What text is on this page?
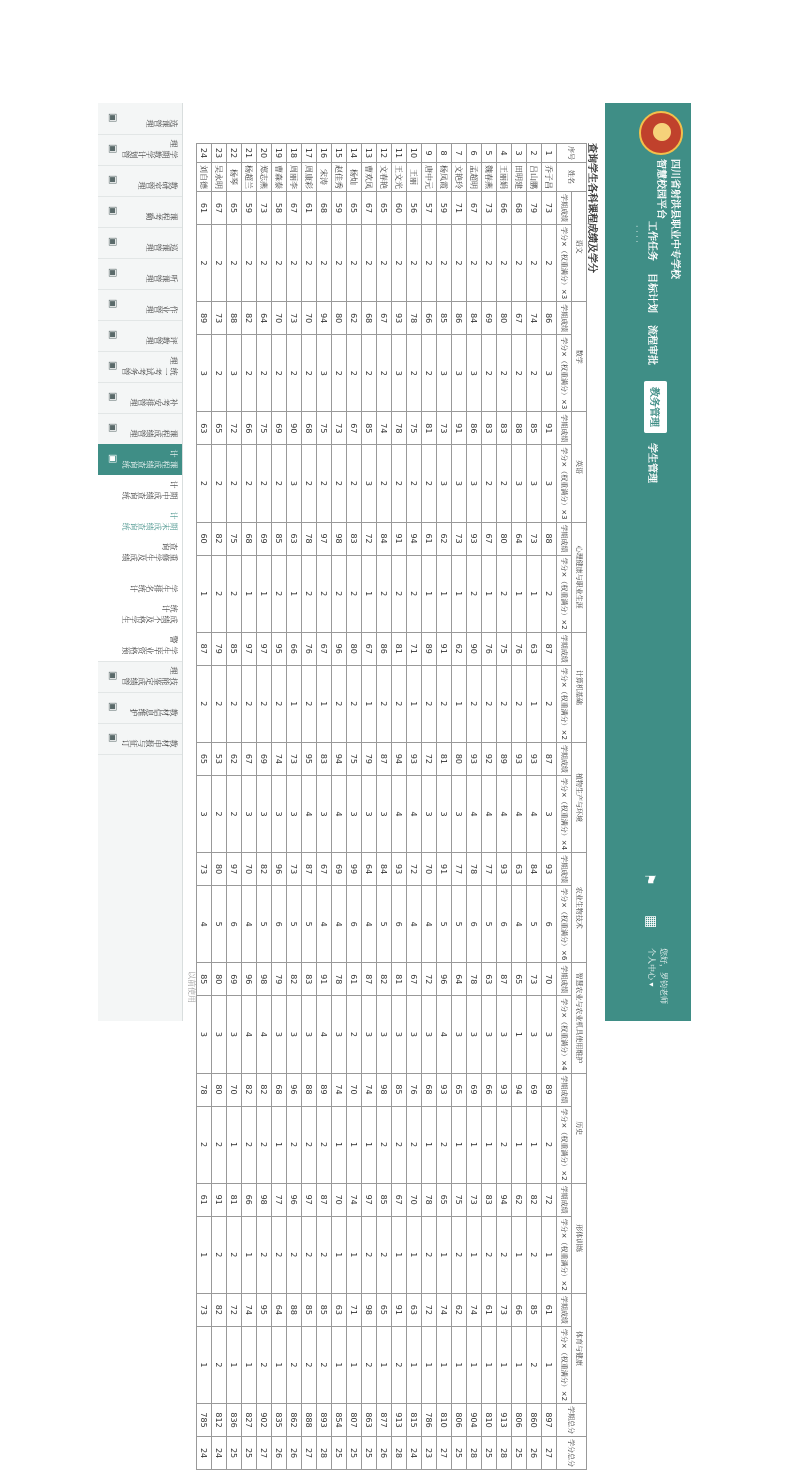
四川省射洪县职业中专学校
智慧校园平台
工作任务
目标计划
流程审批
教务管理
学生管理
· · · ·
⚑
▦
您好，罗钧老师
个人中心 ▾
查询学生各科课程成绩及学分
序号	姓名	语文		数学		英语		心理健康与职业生涯		计算机基础		植物生产与环境		农业生物技术		智慧农业与农业机具使用维护		历史		形体训练		体育与健康		学期总分	学分总分
		学期成绩	学分×（权重满分）×3	学期成绩	学分×（权重满分）×3	学期成绩	学分×（权重满分）×3	学期成绩	学分×（权重满分）×2	学期成绩	学分×（权重满分）×2	学期成绩	学分×（权重满分）×4	学期成绩	学分×（权重满分）×6	学期成绩	学分×（权重满分）×4	学期成绩	学分×（权重满分）×2	学期成绩	学分×（权重满分）×2	学期成绩	学分×（权重满分）×2		
1	乔子昌	73	2	86	3	91	3	88	2	87	2	87	3	93	6	70	3	89	2	72	1	61	1	897	27
2	吕山鹏	79	2	74	2	85	3	73	1	63	1	93	4	84	5	73	3	69	1	82	2	85	2	860	26
3	田明建	68	2	67	2	88	3	64	1	76	2	93	4	63	4	65	1	94	1	62	1	66	1	806	25
4	王丽娟	66	2	80	2	83	2	80	2	75	2	89	4	93	6	87	3	93	2	94	2	73	1	913	28
5	魏春燕	73	2	69	2	83	2	67	1	76	2	92	4	77	5	63	3	66	1	83	2	61	1	810	25
6	孟超明	67	2	84	3	86	3	93	2	90	2	93	4	78	6	78	3	69	1	73	1	74	1	904	28
7	文艳玲	71	2	86	3	91	3	73	1	62	1	80	3	77	5	64	3	65	1	75	2	62	1	806	25
8	杨凤霞	59	2	85	3	73	3	62	1	91	2	81	3	91	5	96	4	93	2	65	1	74	1	810	27
9	唐中元	57	2	66	2	81	2	61	1	89	2	72	3	70	4	72	3	68	1	78	2	72	1	786	23
10	王丽	56	2	78	2	75	2	94	2	71	1	93	4	72	4	67	3	76	2	70	1	63	1	815	24
11	王文光	60	2	93	3	78	2	91	2	81	2	94	4	93	6	81	3	85	2	67	1	91	2	913	28
12	文春艳	65	2	67	2	74	2	84	2	86	2	87	3	84	5	82	3	98	2	85	2	65	1	877	26
13	曹欢凤	67	2	68	2	85	3	72	1	67	1	79	3	64	4	87	3	74	1	97	2	98	2	863	25
14	杨灿	65	2	62	2	67	2	83	2	80	2	75	3	99	6	61	2	70	1	74	1	71	1	807	25
15	赵佳秀	59	2	80	2	73	2	98	2	96	2	94	4	69	4	78	3	74	1	70	1	63	1	854	25
16	宋涛	68	2	94	3	75	2	97	2	67	1	83	3	67	4	91	4	89	2	87	2	85	2	893	28
17	周康彩	61	2	70	2	68	2	78	2	76	2	95	4	87	5	83	3	88	2	97	2	85	2	888	27
18	周丽李	67	2	73	2	90	3	63	1	66	1	73	3	73	5	82	3	96	2	96	2	88	2	862	26
19	曹森泰	58	2	70	2	69	2	85	2	95	2	74	3	96	6	79	3	68	1	77	2	64	1	835	26
20	郑志燕	73	2	64	2	75	2	69	1	97	2	69	3	82	5	98	4	82	2	98	2	95	2	902	27
21	杨超兰	59	2	82	2	66	2	68	1	97	2	67	3	70	4	96	4	82	2	66	1	74	1	827	25
22	杨琴	65	2	88	3	72	2	75	2	85	2	62	2	97	6	69	3	70	1	81	2	72	1	836	25
23	吴永明	67	2	73	2	65	2	82	2	79	2	53	2	80	5	80	3	80	2	91	2	82	2	812	24
24	刘自德	61	2	89	3	63	2	60	1	87	2	65	3	73	4	85	3	78	2	61	1	73	1	785	24
以前使用
选课管理
▣
学期教学计划管理
▣
教研室管理
▣
课程考勤
▣
巡课管理
▣
听课管理
▣
作业管理
▣
评教管理
▣
统一考试考务管理
▣
补考安排管理
▣
课程成绩管理
▣
课程成绩查询统计
▣
期中成绩查询统计
期末成绩查询统计
重修学生及成绩查询
学生排名统计
成绩不及格学生统计
学生毕业资格预警
技能鉴定成绩管理
▣
教材信息维护
▣
教材申报与征订
▣
